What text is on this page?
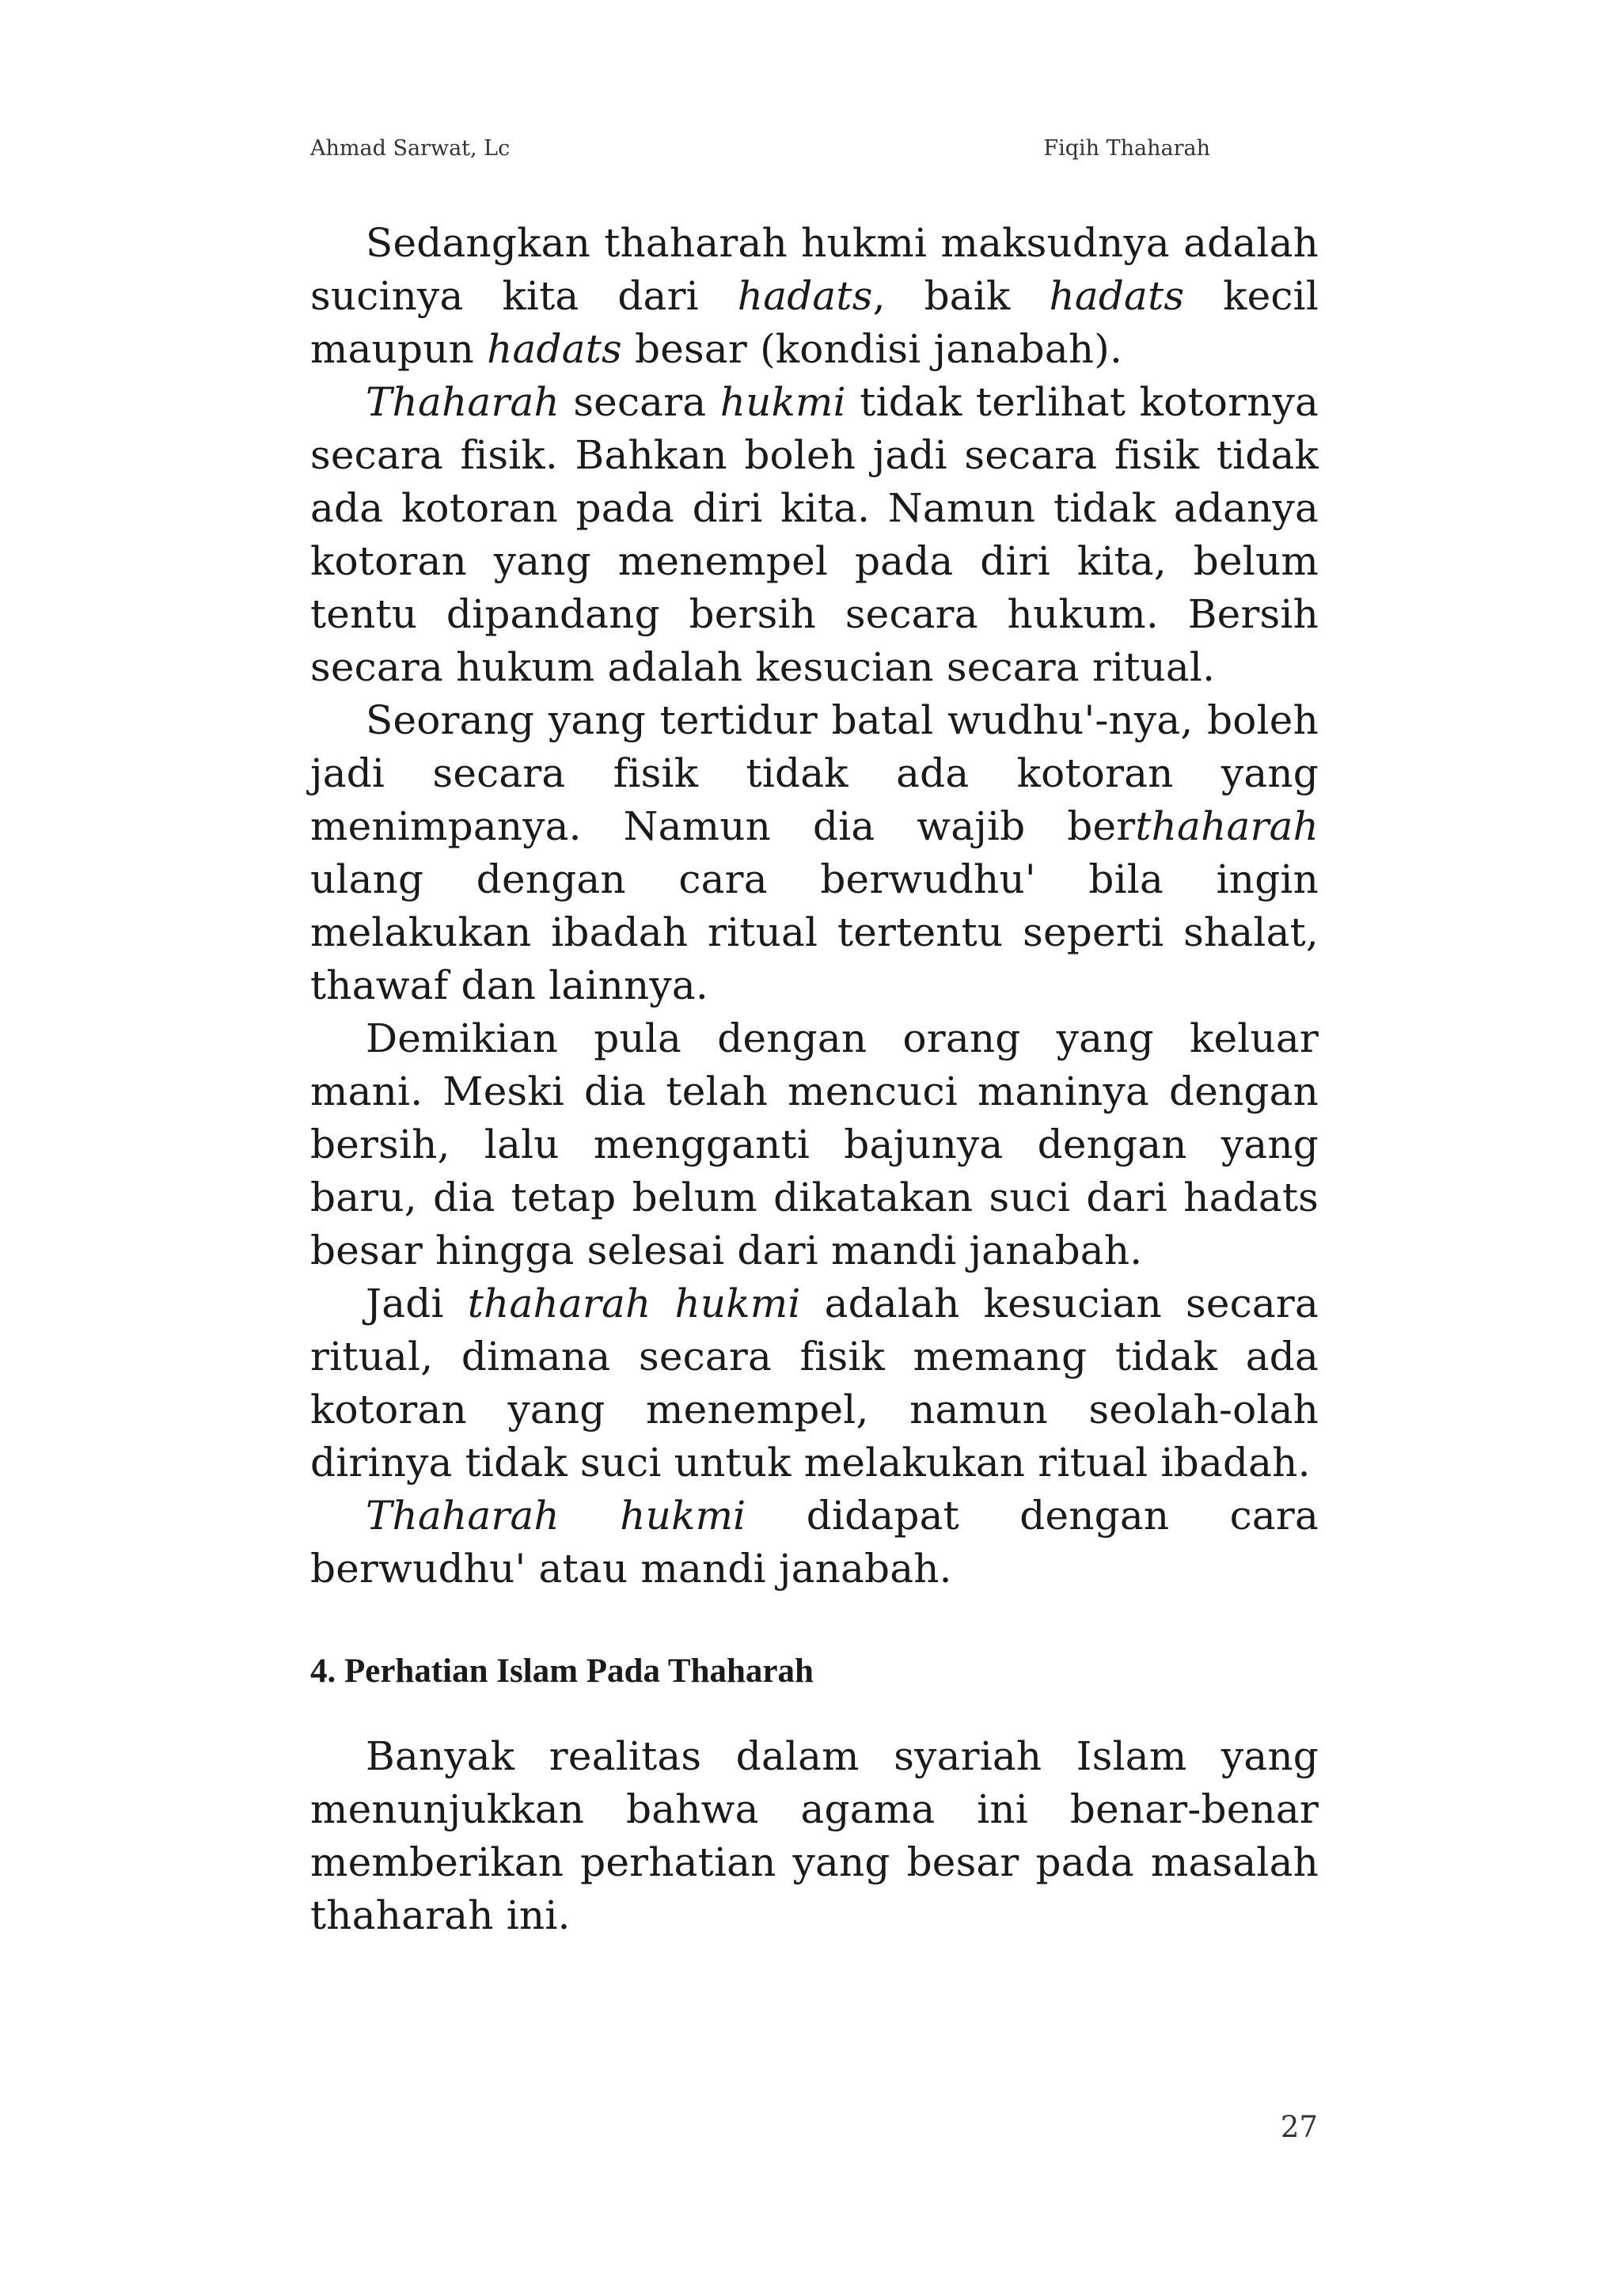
Ahmad Sarwat, Lc	Fiqih Thaharah

Sedangkan thaharah hukmi maksudnya adalah sucinya kita dari hadats, baik hadats kecil maupun hadats besar (kondisi janabah).

Thaharah secara hukmi tidak terlihat kotornya secara fisik. Bahkan boleh jadi secara fisik tidak ada kotoran pada diri kita. Namun tidak adanya kotoran yang menempel pada diri kita, belum tentu dipandang bersih secara hukum. Bersih secara hukum adalah kesucian secara ritual.

Seorang yang tertidur batal wudhu'-nya, boleh jadi secara fisik tidak ada kotoran yang menimpanya. Namun dia wajib berthaharah ulang dengan cara berwudhu' bila ingin melakukan ibadah ritual tertentu seperti shalat, thawaf dan lainnya.

Demikian pula dengan orang yang keluar mani. Meski dia telah mencuci maninya dengan bersih, lalu mengganti bajunya dengan yang baru, dia tetap belum dikatakan suci dari hadats besar hingga selesai dari mandi janabah.

Jadi thaharah hukmi adalah kesucian secara ritual, dimana secara fisik memang tidak ada kotoran yang menempel, namun seolah-olah dirinya tidak suci untuk melakukan ritual ibadah.

Thaharah hukmi didapat dengan cara berwudhu' atau mandi janabah.

4. Perhatian Islam Pada Thaharah

Banyak realitas dalam syariah Islam yang menunjukkan bahwa agama ini benar-benar memberikan perhatian yang besar pada masalah thaharah ini.

27
